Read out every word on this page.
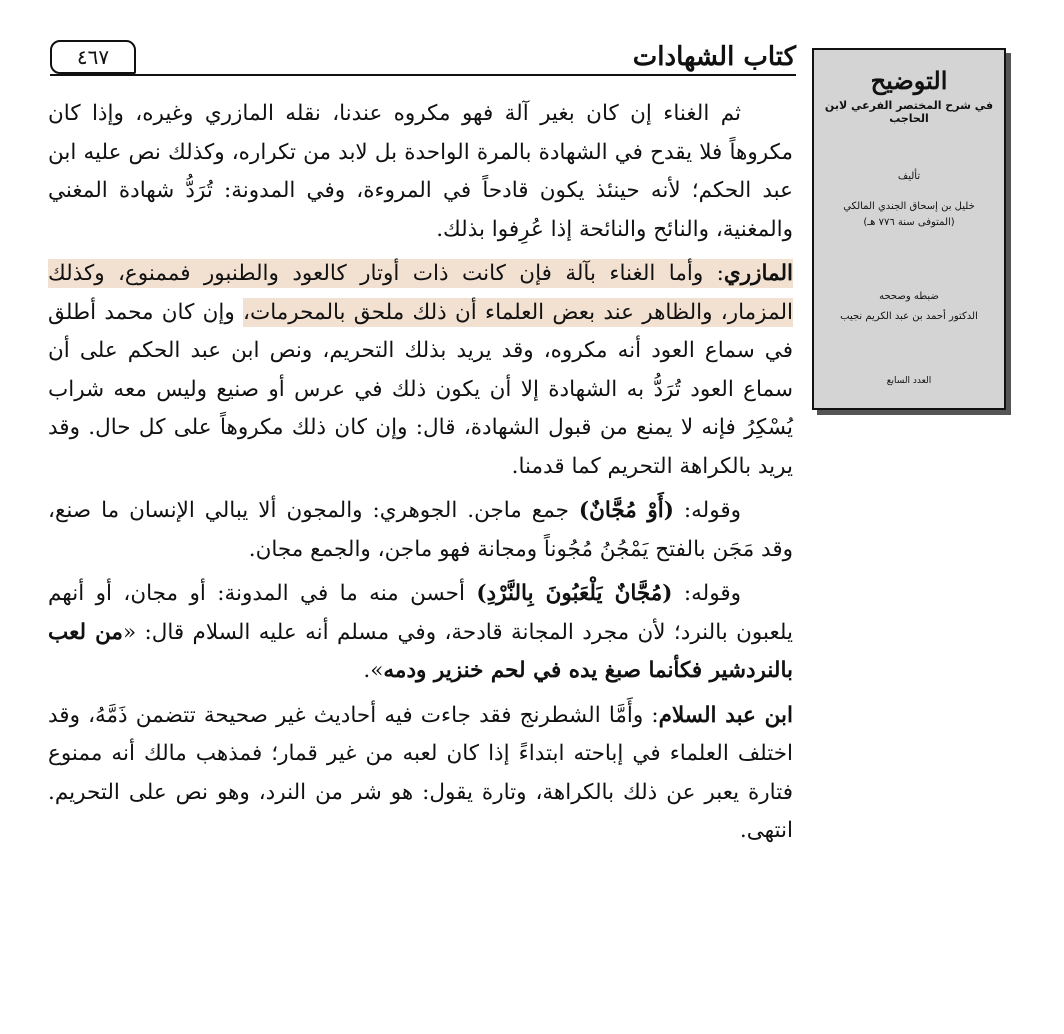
٤٦٧	كتاب الشهادات
التوضيح
في شرح المختصر الفرعي لابن الحاجب
تأليف
خليل بن إسحاق الجندي المالكي
(المتوفى سنة ٧٧٦ هـ)
ضبطه وصححه
الدكتور أحمد بن عبد الكريم نجيب
العدد السابع

ثم الغناء إن كان بغير آلة فهو مكروه عندنا، نقله المازري وغيره، وإذا كان مكروهاً فلا يقدح في الشهادة بالمرة الواحدة بل لابد من تكراره، وكذلك نص عليه ابن عبد الحكم؛ لأنه حينئذ يكون قادحاً في المروءة، وفي المدونة: تُرَدُّ شهادة المغني والمغنية، والنائح والنائحة إذا عُرِفوا بذلك.

المازري: وأما الغناء بآلة فإن كانت ذات أوتار كالعود والطنبور فممنوع، وكذلك المزمار، والظاهر عند بعض العلماء أن ذلك ملحق بالمحرمات، وإن كان محمد أطلق في سماع العود أنه مكروه، وقد يريد بذلك التحريم، ونص ابن عبد الحكم على أن سماع العود تُرَدُّ به الشهادة إلا أن يكون ذلك في عرس أو صنيع وليس معه شراب يُسْكِرُ فإنه لا يمنع من قبول الشهادة، قال: وإن كان ذلك مكروهاً على كل حال. وقد يريد بالكراهة التحريم كما قدمنا.

وقوله: (أَوْ مُجَّانٌ) جمع ماجن. الجوهري: والمجون ألا يبالي الإنسان ما صنع، وقد مَجَن بالفتح يَمْجُنُ مُجُوناً ومجانة فهو ماجن، والجمع مجان.

وقوله: (مُجَّانٌ يَلْعَبُونَ بِالنَّرْدِ) أحسن منه ما في المدونة: أو مجان، أو أنهم يلعبون بالنرد؛ لأن مجرد المجانة قادحة، وفي مسلم أنه عليه السلام قال: «من لعب بالنردشير فكأنما صبغ يده في لحم خنزير ودمه».

ابن عبد السلام: وأَمَّا الشطرنج فقد جاءت فيه أحاديث غير صحيحة تتضمن ذَمَّهُ، وقد اختلف العلماء في إباحته ابتداءً إذا كان لعبه من غير قمار؛ فمذهب مالك أنه ممنوع فتارة يعبر عن ذلك بالكراهة، وتارة يقول: هو شر من النرد، وهو نص على التحريم. انتهى.
